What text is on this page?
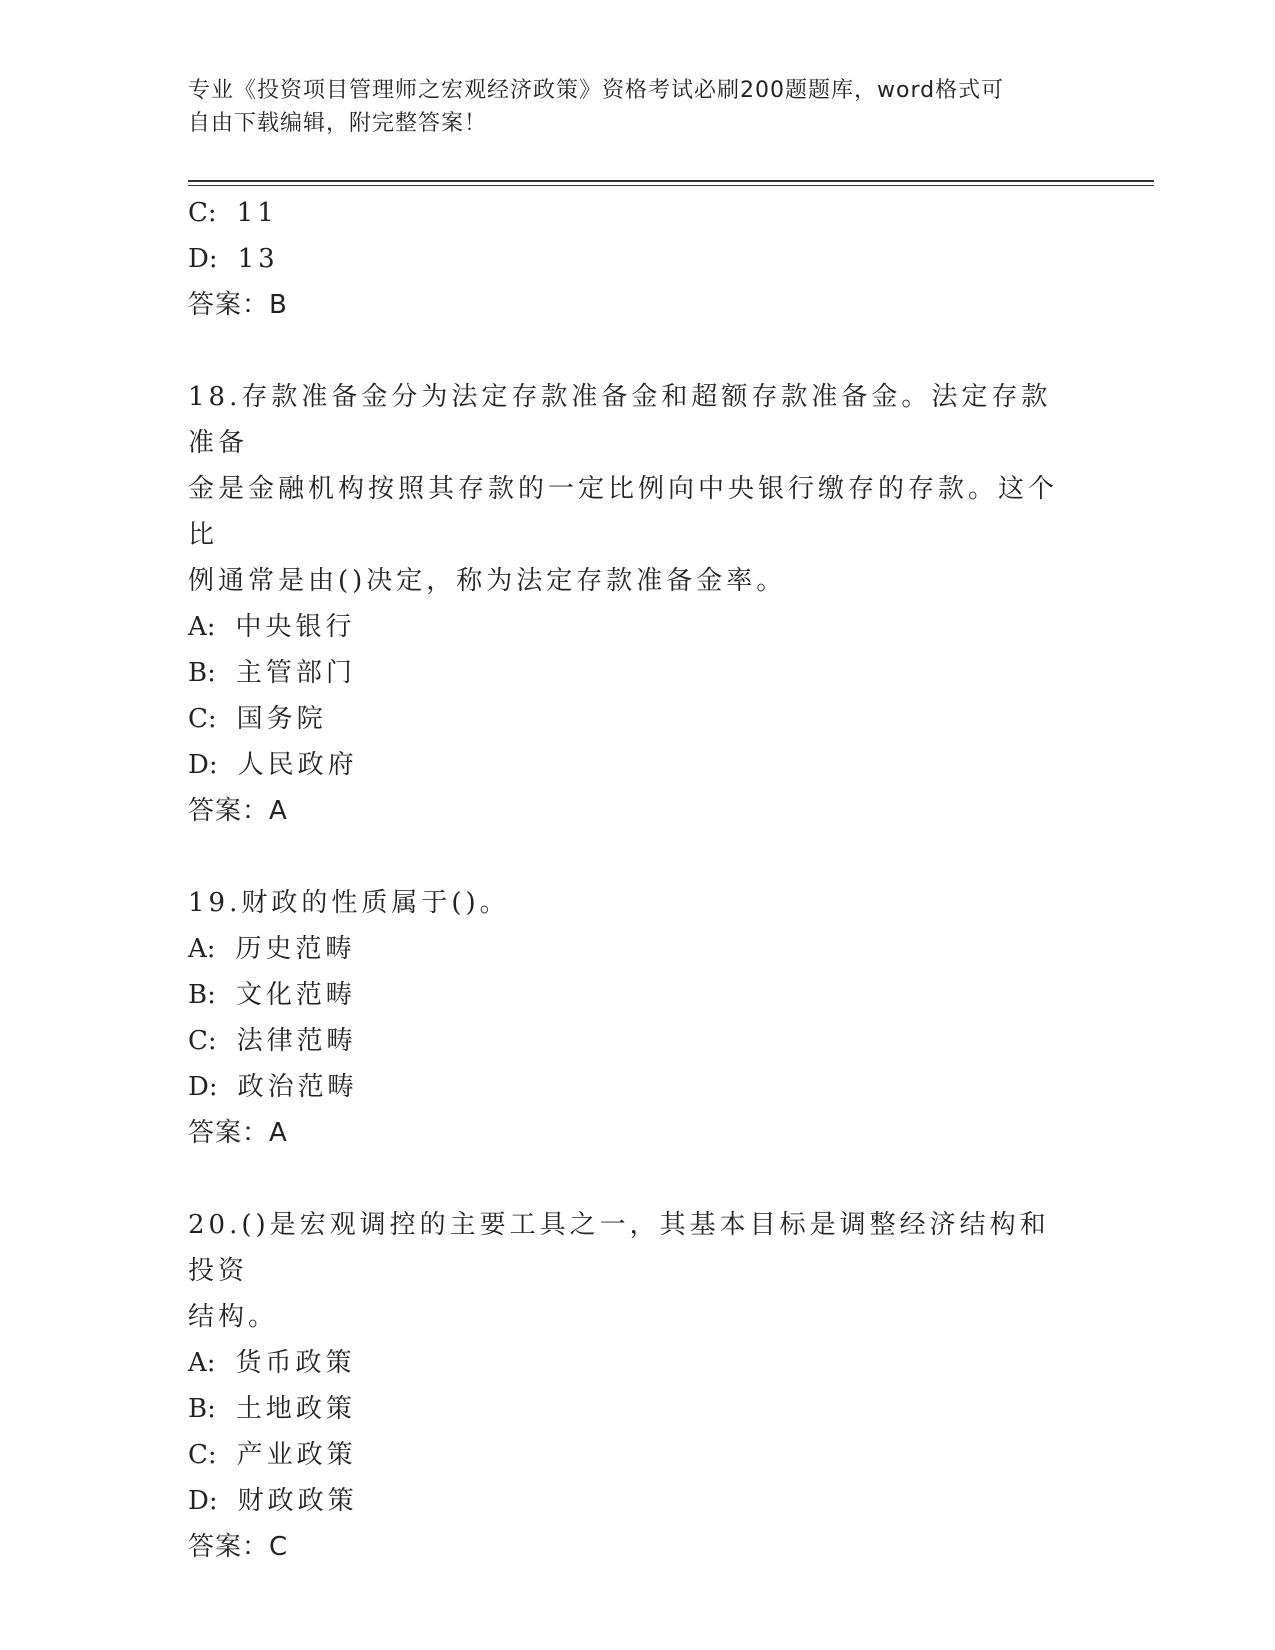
专业《投资项目管理师之宏观经济政策》资格考试必刷200题题库，word格式可
自由下载编辑，附完整答案！
C: 11
D: 13
答案：B
18.存款准备金分为法定存款准备金和超额存款准备金。法定存款准备
金是金融机构按照其存款的一定比例向中央银行缴存的存款。这个比
例通常是由()决定，称为法定存款准备金率。
A: 中央银行
B: 主管部门
C: 国务院
D: 人民政府
答案：A
19.财政的性质属于()。
A: 历史范畴
B: 文化范畴
C: 法律范畴
D: 政治范畴
答案：A
20.()是宏观调控的主要工具之一，其基本目标是调整经济结构和投资
结构。
A: 货币政策
B: 土地政策
C: 产业政策
D: 财政政策
答案：C
